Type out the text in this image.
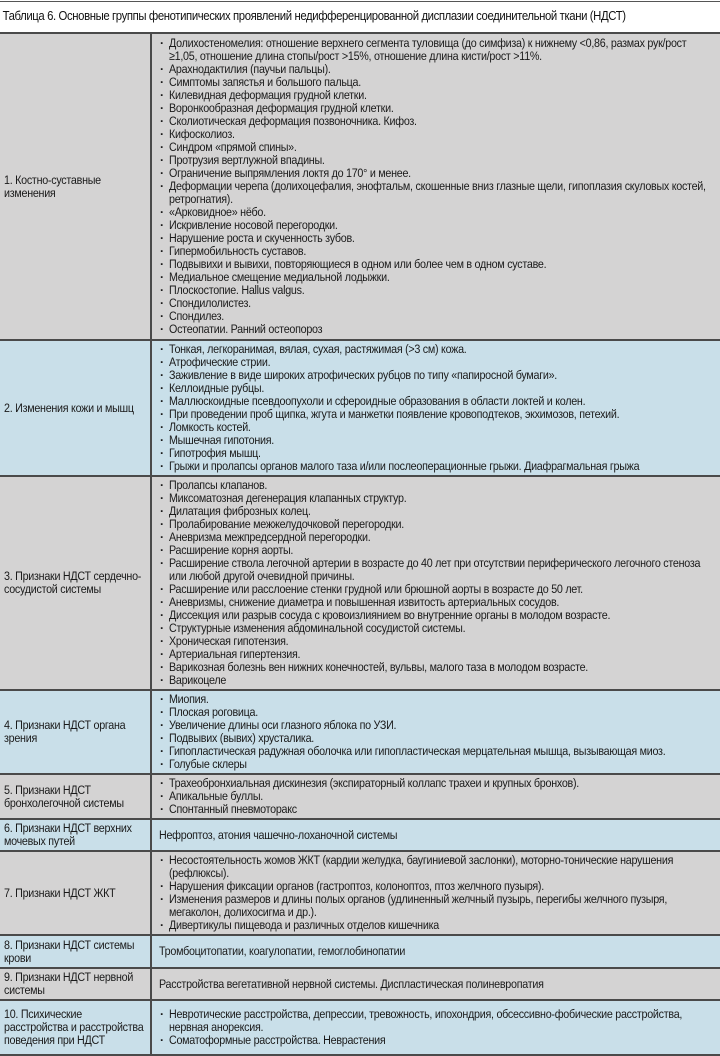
Таблица 6. Основные группы фенотипических проявлений недифференцированной дисплазии соединительной ткани (НДСТ)
1. Костно-суставные изменения	
· Долихостеномелия: отношение верхнего сегмента туловища (до симфиза) к нижнему <0,86, размах рук/рост ≥1,05, отношение длина стопы/рост >15%, отношение длина кисти/рост >11%.
· Арахнодактилия (паучьи пальцы).
· Симптомы запястья и большого пальца.
· Килевидная деформация грудной клетки.
· Воронкообразная деформация грудной клетки.
· Сколиотическая деформация позвоночника. Кифоз.
· Кифосколиоз.
· Синдром «прямой спины».
· Протрузия вертлужной впадины.
· Ограничение выпрямления локтя до 170° и менее.
· Деформации черепа (долихоцефалия, энофтальм, скошенные вниз глазные щели, гипоплазия скуловых костей, ретрогнатия).
· «Арковидное» нёбо.
· Искривление носовой перегородки.
· Нарушение роста и скученность зубов.
· Гипермобильность суставов.
· Подвывихи и вывихи, повторяющиеся в одном или более чем в одном суставе.
· Медиальное смещение медиальной лодыжки.
· Плоскостопие. Hallus valgus.
· Спондилолистез.
· Спондилез.
· Остеопатии. Ранний остеопороз

2. Изменения кожи и мышц	
· Тонкая, легкоранимая, вялая, сухая, растяжимая (>3 см) кожа.
· Атрофические стрии.
· Заживление в виде широких атрофических рубцов по типу «папиросной бумаги».
· Келлоидные рубцы.
· Маллюскоидные псевдоопухоли и сфероидные образования в области локтей и колен.
· При проведении проб щипка, жгута и манжетки появление кровоподтеков, экхимозов, петехий.
· Ломкость костей.
· Мышечная гипотония.
· Гипотрофия мышц.
· Грыжи и пролапсы органов малого таза и/или послеоперационные грыжи. Диафрагмальная грыжа

3. Признаки НДСТ сердечно-сосудистой системы	
· Пролапсы клапанов.
· Миксоматозная дегенерация клапанных структур.
· Дилатация фиброзных колец.
· Пролабирование межжелудочковой перегородки.
· Аневризма межпредсердной перегородки.
· Расширение корня аорты.
· Расширение ствола легочной артерии в возрасте до 40 лет при отсутствии периферического легочного стеноза или любой другой очевидной причины.
· Расширение или расслоение стенки грудной или брюшной аорты в возрасте до 50 лет.
· Аневризмы, снижение диаметра и повышенная извитость артериальных сосудов.
· Диссекция или разрыв сосуда с кровоизлиянием во внутренние органы в молодом возрасте.
· Структурные изменения абдоминальной сосудистой системы.
· Хроническая гипотензия.
· Артериальная гипертензия.
· Варикозная болезнь вен нижних конечностей, вульвы, малого таза в молодом возрасте.
· Варикоцеле

4. Признаки НДСТ органа зрения	
· Миопия.
· Плоская роговица.
· Увеличение длины оси глазного яблока по УЗИ.
· Подвывих (вывих) хрусталика.
· Гипопластическая радужная оболочка или гипопластическая мерцательная мышца, вызывающая миоз.
· Голубые склеры

5. Признаки НДСТ бронхолегочной системы	
· Трахеобронхиальная дискинезия (экспираторный коллапс трахеи и крупных бронхов).
· Апикальные буллы.
· Спонтанный пневмоторакс

6. Признаки НДСТ верхних мочевых путей	Нефроптоз, атония чашечно-лоханочной системы

7. Признаки НДСТ ЖКТ	
· Несостоятельность жомов ЖКТ (кардии желудка, баугиниевой заслонки), моторно-тонические нарушения (рефлюксы).
· Нарушения фиксации органов (гастроптоз, колоноптоз, птоз желчного пузыря).
· Изменения размеров и длины полых органов (удлиненный желчный пузырь, перегибы желчного пузыря, мегаколон, долихосигма и др.).
· Дивертикулы пищевода и различных отделов кишечника

8. Признаки НДСТ системы крови	Тромбоцитопатии, коагулопатии, гемоглобинопатии

9. Признаки НДСТ нервной системы	Расстройства вегетативной нервной системы. Диспластическая полиневропатия

10. Психические расстройства и расстройства поведения при НДСТ	
· Невротические расстройства, депрессии, тревожность, ипохондрия, обсессивно-фобические расстройства, нервная анорексия.
· Соматоформные расстройства. Неврастения
